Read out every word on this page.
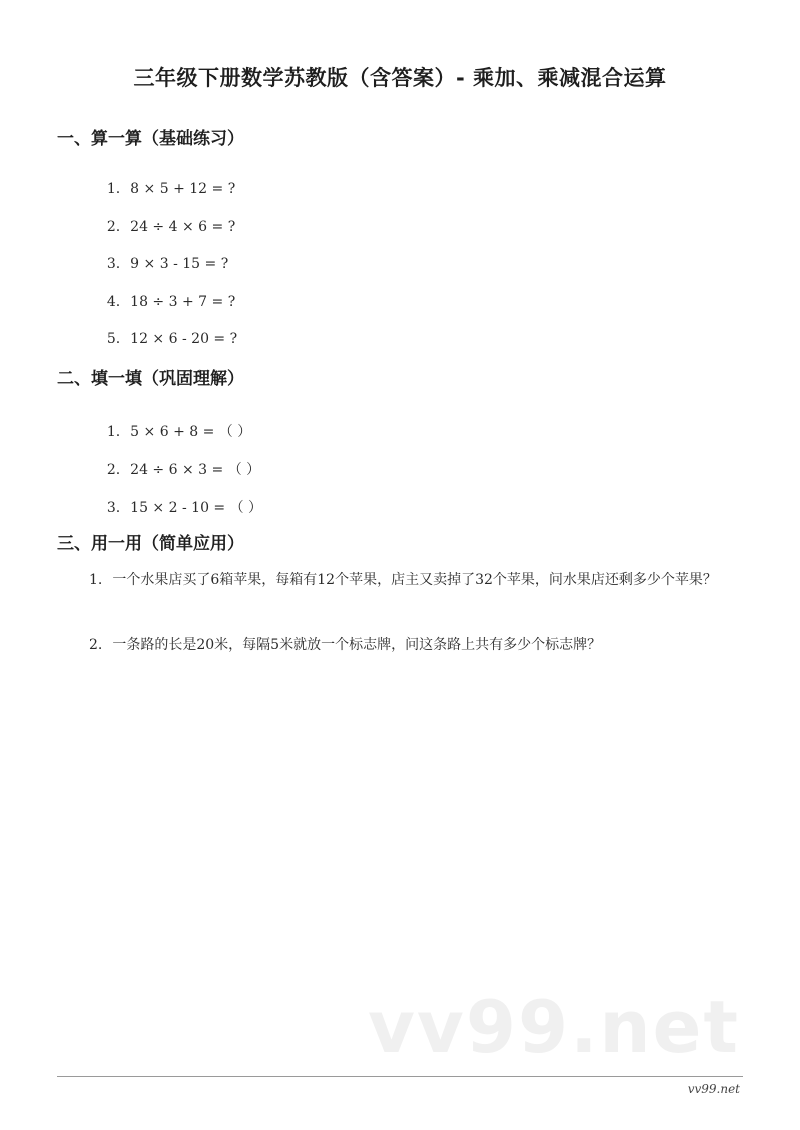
三年级下册数学苏教版（含答案）- 乘加、乘减混合运算
一、算一算（基础练习）

1. 8 × 5 + 12 = ?

2. 24 ÷ 4 × 6 = ?

3. 9 × 3 - 15 = ?

4. 18 ÷ 3 + 7 = ?

5. 12 × 6 - 20 = ?

二、填一填（巩固理解）

1. 5 × 6 + 8 = （ ）

2. 24 ÷ 6 × 3 = （ ）

3. 15 × 2 - 10 = （ ）

三、用一用（简单应用）
1. 一个水果店买了6箱苹果，每箱有12个苹果，店主又卖掉了32个苹果，问水果店还剩多少个苹果？
2. 一条路的长是20米，每隔5米就放一个标志牌，问这条路上共有多少个标志牌？
vv99.net
vv99.net
